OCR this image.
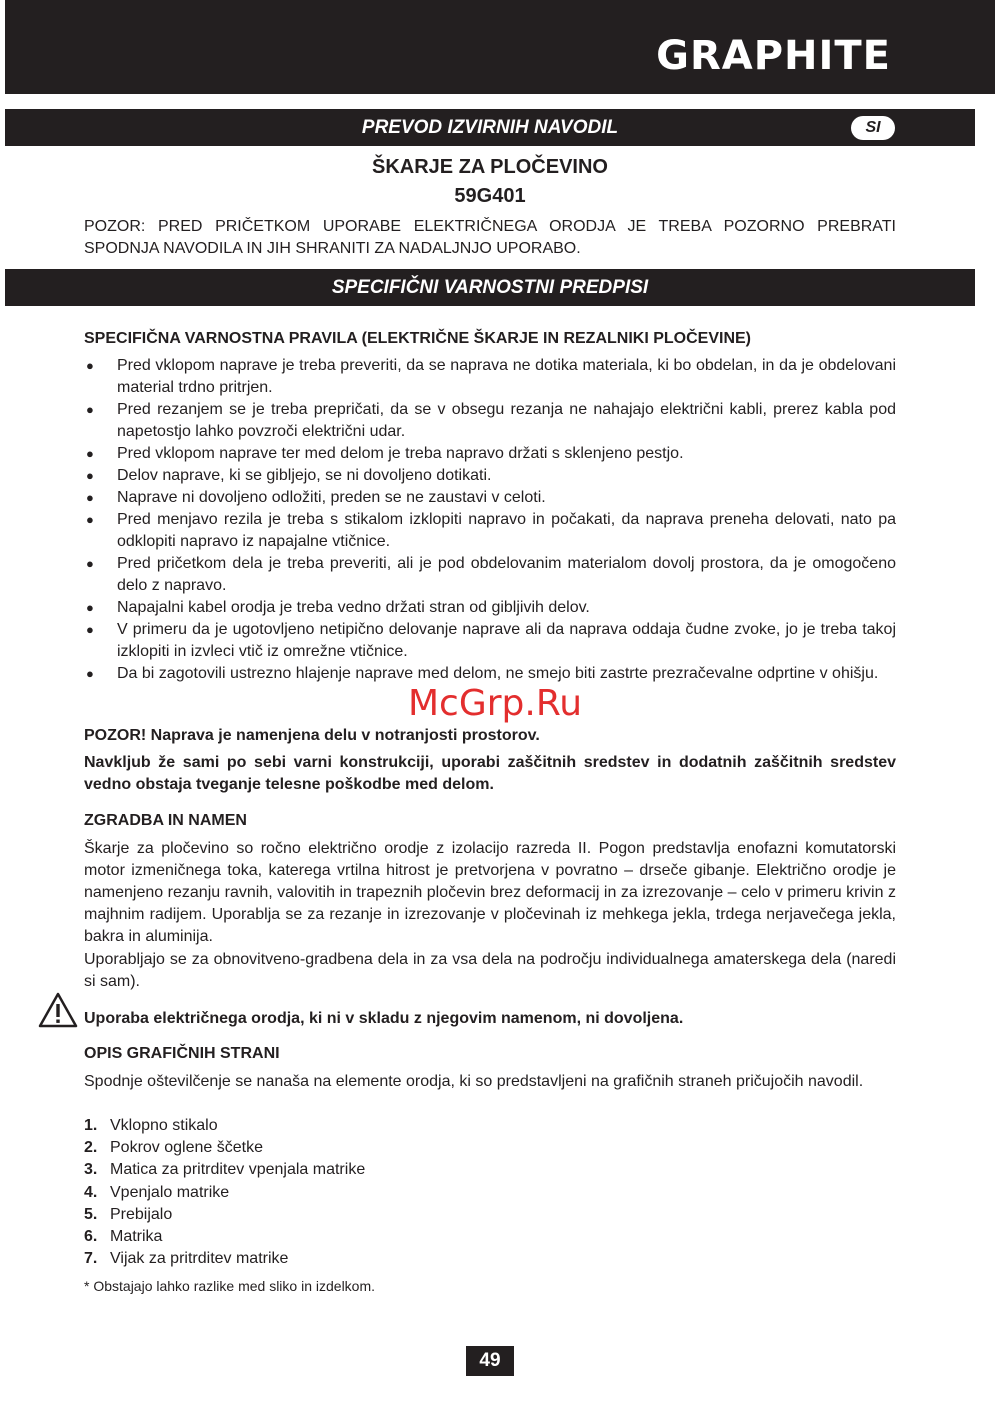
GRAPHITE
PREVOD IZVIRNIH NAVODIL	SI
ŠKARJE ZA PLOČEVINO
59G401
POZOR: PRED PRIČETKOM UPORABE ELEKTRIČNEGA ORODJA JE TREBA POZORNO PREBRATI SPODNJA NAVODILA IN JIH SHRANITI ZA NADALJNJO UPORABO.
SPECIFIČNI VARNOSTNI PREDPISI
SPECIFIČNA VARNOSTNA PRAVILA (ELEKTRIČNE ŠKARJE IN REZALNIKI PLOČEVINE)
● Pred vklopom naprave je treba preveriti, da se naprava ne dotika materiala, ki bo obdelan, in da je obdelovani material trdno pritrjen.
● Pred rezanjem se je treba prepričati, da se v obsegu rezanja ne nahajajo električni kabli, prerez kabla pod napetostjo lahko povzroči električni udar.
● Pred vklopom naprave ter med delom je treba napravo držati s sklenjeno pestjo.
● Delov naprave, ki se gibljejo, se ni dovoljeno dotikati.
● Naprave ni dovoljeno odložiti, preden se ne zaustavi v celoti.
● Pred menjavo rezila je treba s stikalom izklopiti napravo in počakati, da naprava preneha delovati, nato pa odklopiti napravo iz napajalne vtičnice.
● Pred pričetkom dela je treba preveriti, ali je pod obdelovanim materialom dovolj prostora, da je omogočeno delo z napravo.
● Napajalni kabel orodja je treba vedno držati stran od gibljivih delov.
● V primeru da je ugotovljeno netipično delovanje naprave ali da naprava oddaja čudne zvoke, jo je treba takoj izklopiti in izvleci vtič iz omrežne vtičnice.
● Da bi zagotovili ustrezno hlajenje naprave med delom, ne smejo biti zastrte prezračevalne odprtine v ohišju.
POZOR! Naprava je namenjena delu v notranjosti prostorov.
Navkljub že sami po sebi varni konstrukciji, uporabi zaščitnih sredstev in dodatnih zaščitnih sredstev vedno obstaja tveganje telesne poškodbe med delom.
ZGRADBA IN NAMEN
Škarje za pločevino so ročno električno orodje z izolacijo razreda II. Pogon predstavlja enofazni komutatorski motor izmeničnega toka, katerega vrtilna hitrost je pretvorjena v povratno – drseče gibanje. Električno orodje je namenjeno rezanju ravnih, valovitih in trapeznih pločevin brez deformacij in za izrezovanje – celo v primeru krivin z majhnim radijem. Uporablja se za rezanje in izrezovanje v pločevinah iz mehkega jekla, trdega nerjavečega jekla, bakra in aluminija.
Uporabljajo se za obnovitveno-gradbena dela in za vsa dela na področju individualnega amaterskega dela (naredi si sam).
Uporaba električnega orodja, ki ni v skladu z njegovim namenom, ni dovoljena.
OPIS GRAFIČNIH STRANI
Spodnje oštevilčenje se nanaša na elemente orodja, ki so predstavljeni na grafičnih straneh pričujočih navodil.
1. Vklopno stikalo
2. Pokrov oglene ščetke
3. Matica za pritrditev vpenjala matrike
4. Vpenjalo matrike
5. Prebijalo
6. Matrika
7. Vijak za pritrditev matrike
* Obstajajo lahko razlike med sliko in izdelkom.
49
McGrp.Ru
